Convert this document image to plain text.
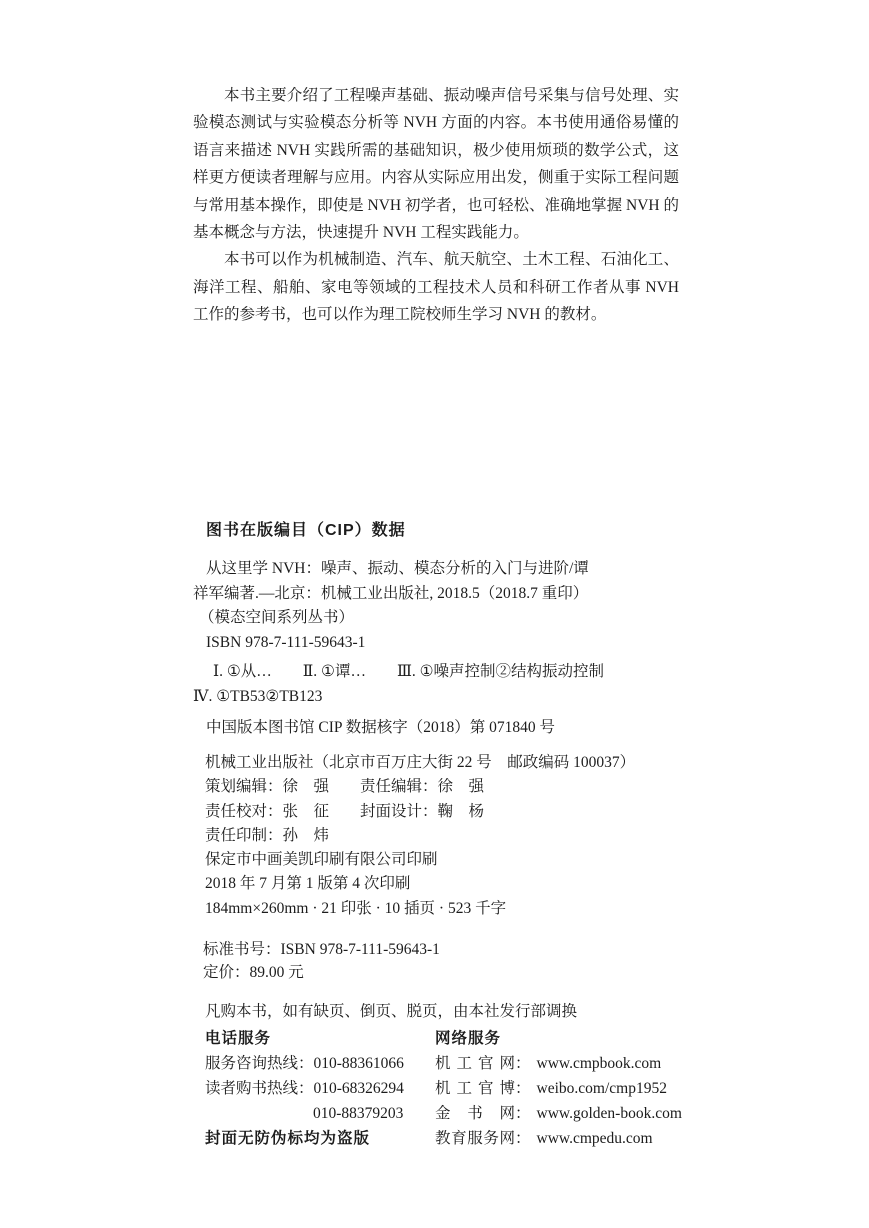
本书主要介绍了工程噪声基础、振动噪声信号采集与信号处理、实验模态测试与实验模态分析等 NVH 方面的内容。本书使用通俗易懂的语言来描述 NVH 实践所需的基础知识，极少使用烦琐的数学公式，这样更方便读者理解与应用。内容从实际应用出发，侧重于实际工程问题与常用基本操作，即使是 NVH 初学者，也可轻松、准确地掌握 NVH 的基本概念与方法，快速提升 NVH 工程实践能力。

本书可以作为机械制造、汽车、航天航空、土木工程、石油化工、海洋工程、船舶、家电等领域的工程技术人员和科研工作者从事 NVH 工作的参考书，也可以作为理工院校师生学习 NVH 的教材。

图书在版编目（CIP）数据
从这里学 NVH：噪声、振动、模态分析的入门与进阶/谭
祥军编著.—北京：机械工业出版社, 2018.5（2018.7 重印）
（模态空间系列丛书）
ISBN 978-7-111-59643-1
Ⅰ. ①从…　　Ⅱ. ①谭…　　Ⅲ. ①噪声控制②结构振动控制
Ⅳ. ①TB53②TB123
中国版本图书馆 CIP 数据核字（2018）第 071840 号
机械工业出版社（北京市百万庄大街 22 号　邮政编码 100037）
策划编辑：徐　强　　责任编辑：徐　强
责任校对：张　征　　封面设计：鞠　杨
责任印制：孙　炜
保定市中画美凯印刷有限公司印刷
2018 年 7 月第 1 版第 4 次印刷
184mm×260mm · 21 印张 · 10 插页 · 523 千字
标准书号：ISBN 978-7-111-59643-1
定价：89.00 元
凡购本书，如有缺页、倒页、脱页，由本社发行部调换
电话服务
服务咨询热线：010-88361066
读者购书热线：010-68326294
010-88379203
封面无防伪标均为盗版
网络服务
机工官网： www.cmpbook.com
机工官博： weibo.com/cmp1952
金书网： www.golden-book.com
教育服务网： www.cmpedu.com
